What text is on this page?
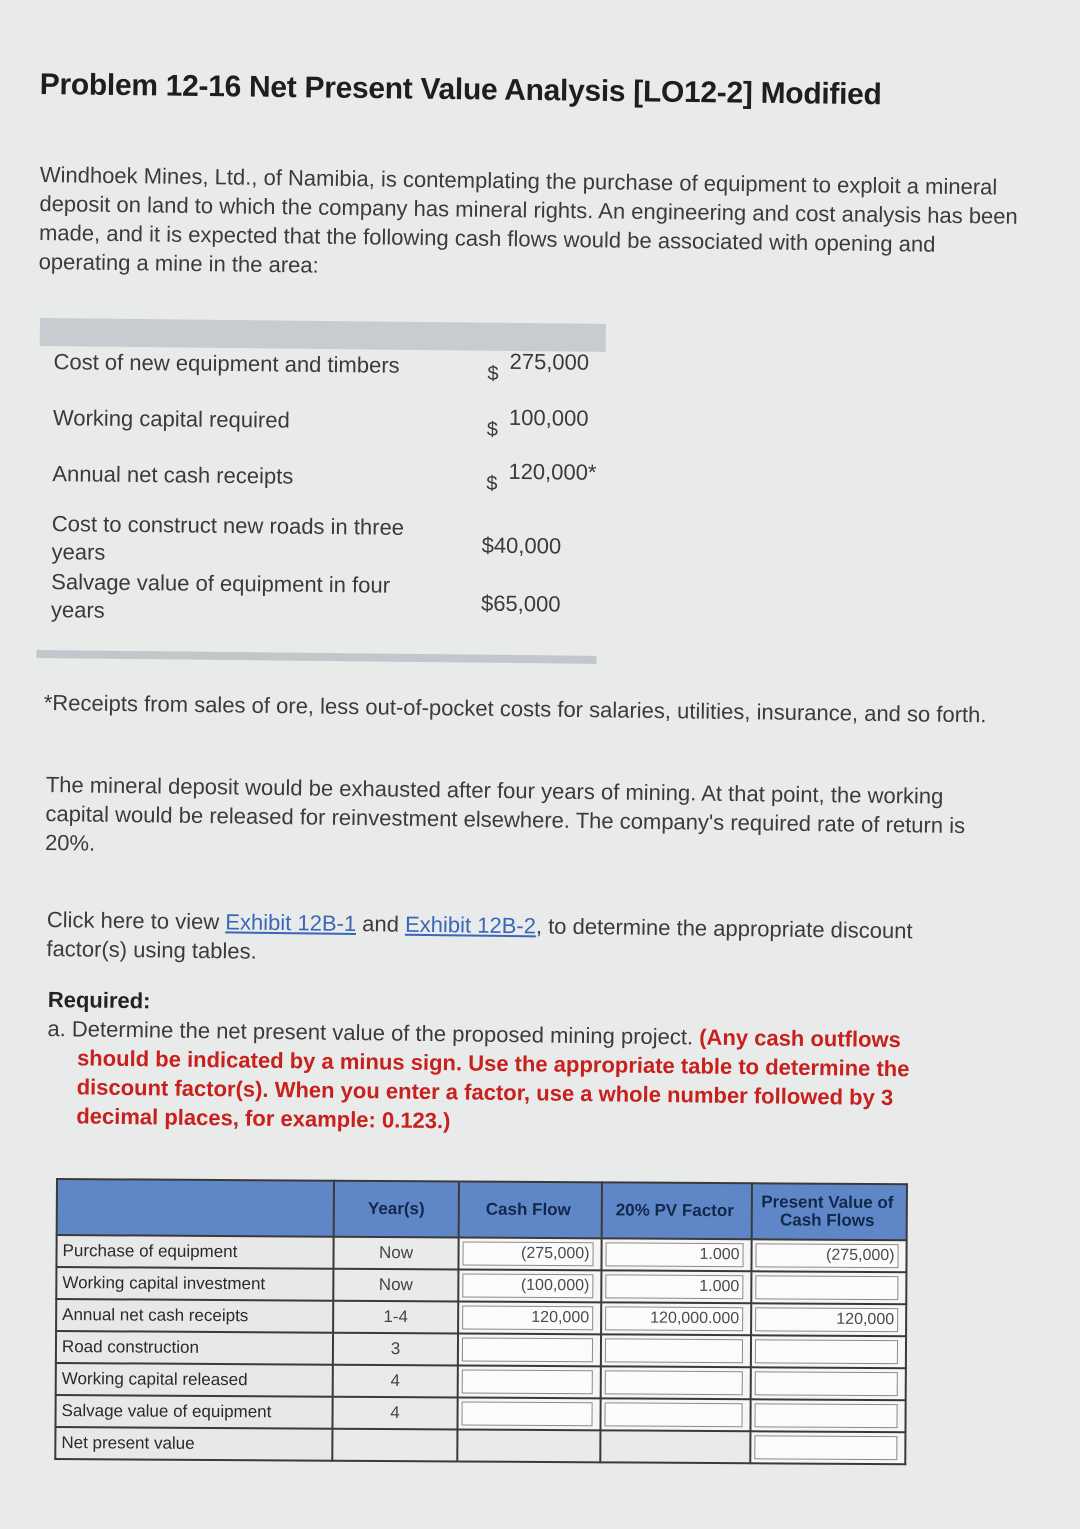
Problem 12-16 Net Present Value Analysis [LO12-2] Modified
Windhoek Mines, Ltd., of Namibia, is contemplating the purchase of equipment to exploit a mineral deposit on land to which the company has mineral rights. An engineering and cost analysis has been made, and it is expected that the following cash flows would be associated with opening and operating a mine in the area:
Cost of new equipment and timbers	$ 275,000
Working capital required	$ 100,000
Annual net cash receipts	$ 120,000*
Cost to construct new roads in three years	$40,000
Salvage value of equipment in four years	$65,000
*Receipts from sales of ore, less out-of-pocket costs for salaries, utilities, insurance, and so forth.
The mineral deposit would be exhausted after four years of mining. At that point, the working capital would be released for reinvestment elsewhere. The company's required rate of return is 20%.
Click here to view Exhibit 12B-1 and Exhibit 12B-2, to determine the appropriate discount factor(s) using tables.
Required:
a. Determine the net present value of the proposed mining project. (Any cash outflows should be indicated by a minus sign. Use the appropriate table to determine the discount factor(s). When you enter a factor, use a whole number followed by 3 decimal places, for example: 0.123.)
	Year(s)	Cash Flow	20% PV Factor	Present Value of Cash Flows
Purchase of equipment	Now	(275,000)	1.000	(275,000)

Working capital investment	Now	(100,000)	1.000	

Annual net cash receipts	1-4	120,000	120,000.000	120,000

Road construction	3	

Working capital released	4	

Salvage value of equipment	4	

Net present value				
